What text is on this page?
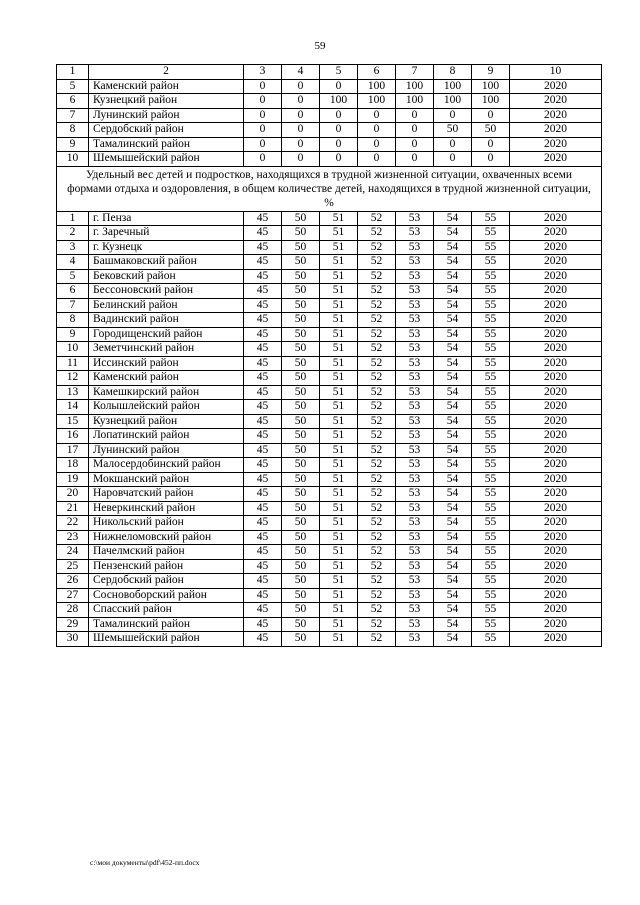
59
1	2	3	4	5	6	7	8	9	10
5	Каменский район	0	0	0	100	100	100	100	2020
6	Кузнецкий район	0	0	100	100	100	100	100	2020
7	Лунинский район	0	0	0	0	0	0	0	2020
8	Сердобский район	0	0	0	0	0	50	50	2020
9	Тамалинский район	0	0	0	0	0	0	0	2020
10	Шемышейский район	0	0	0	0	0	0	0	2020
Удельный вес детей и подростков, находящихся в трудной жизненной ситуации, охваченных всеми формами отдыха и оздоровления, в общем количестве детей, находящихся в трудной жизненной ситуации, %									
1	г. Пенза	45	50	51	52	53	54	55	2020
2	г. Заречный	45	50	51	52	53	54	55	2020
3	г. Кузнецк	45	50	51	52	53	54	55	2020
4	Башмаковский район	45	50	51	52	53	54	55	2020
5	Бековский район	45	50	51	52	53	54	55	2020
6	Бессоновский район	45	50	51	52	53	54	55	2020
7	Белинский район	45	50	51	52	53	54	55	2020
8	Вадинский район	45	50	51	52	53	54	55	2020
9	Городищенский район	45	50	51	52	53	54	55	2020
10	Земетчинский район	45	50	51	52	53	54	55	2020
11	Иссинский район	45	50	51	52	53	54	55	2020
12	Каменский район	45	50	51	52	53	54	55	2020
13	Камешкирский район	45	50	51	52	53	54	55	2020
14	Колышлейский район	45	50	51	52	53	54	55	2020
15	Кузнецкий район	45	50	51	52	53	54	55	2020
16	Лопатинский район	45	50	51	52	53	54	55	2020
17	Лунинский район	45	50	51	52	53	54	55	2020
18	Малосердобинский район	45	50	51	52	53	54	55	2020
19	Мокшанский район	45	50	51	52	53	54	55	2020
20	Наровчатский район	45	50	51	52	53	54	55	2020
21	Неверкинский район	45	50	51	52	53	54	55	2020
22	Никольский район	45	50	51	52	53	54	55	2020
23	Нижнеломовский район	45	50	51	52	53	54	55	2020
24	Пачелмский район	45	50	51	52	53	54	55	2020
25	Пензенский район	45	50	51	52	53	54	55	2020
26	Сердобский район	45	50	51	52	53	54	55	2020
27	Сосновоборский район	45	50	51	52	53	54	55	2020
28	Спасский район	45	50	51	52	53	54	55	2020
29	Тамалинский район	45	50	51	52	53	54	55	2020
30	Шемышейский район	45	50	51	52	53	54	55	2020
c:\мои документы\pdf\452-пп.docx
